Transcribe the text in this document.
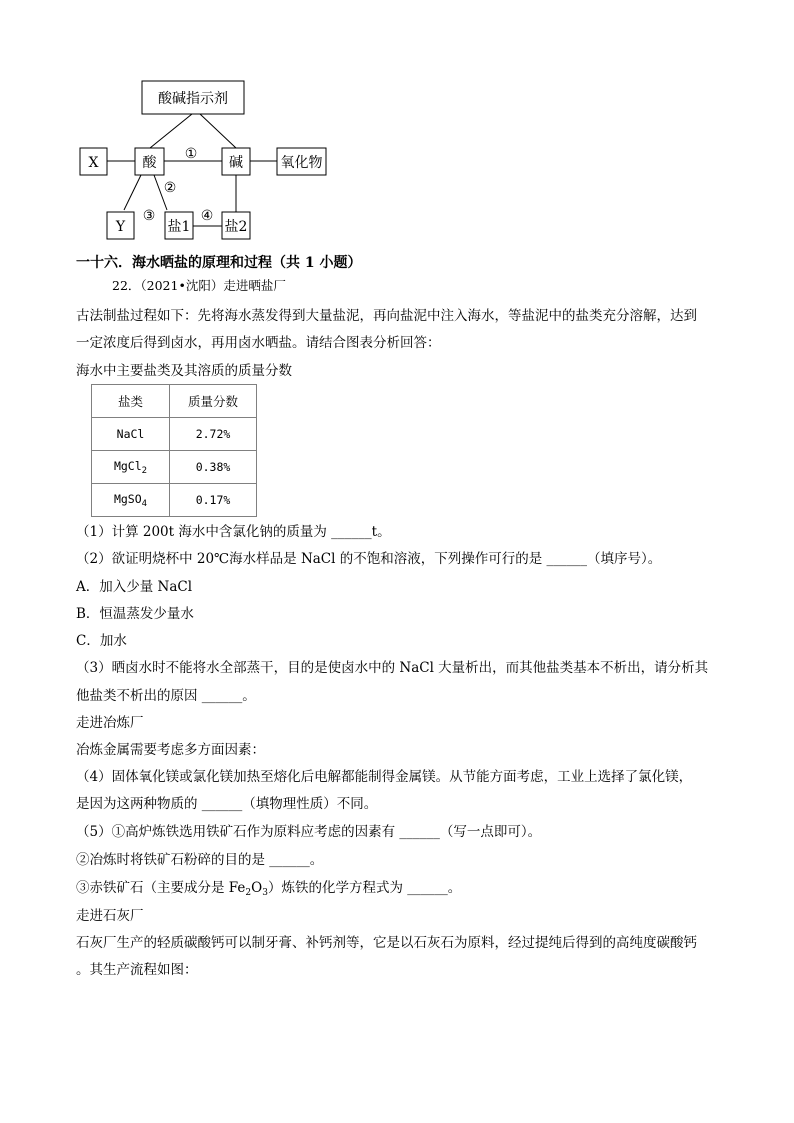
酸碱指示剂
X	酸	碱	氧化物
Y	盐1 盐2
①
②
③	④
一十六．海水晒盐的原理和过程（共 1 小题）
22．（2021•沈阳）走进晒盐厂
古法制盐过程如下：先将海水蒸发得到大量盐泥，再向盐泥中注入海水，等盐泥中的盐类充分溶解，达到
一定浓度后得到卤水，再用卤水晒盐。请结合图表分析回答：
海水中主要盐类及其溶质的质量分数
盐类	质量分数
NaCl	2.72%
MgCl$_2$	0.38%
MgSO$_4$	0.17%
（1）计算 200t 海水中含氯化钠的质量为 ______t。
（2）欲证明烧杯中 20℃海水样品是 NaCl 的不饱和溶液，下列操作可行的是 ______（填序号）。
A．加入少量 NaCl
B．恒温蒸发少量水
C．加水
（3）晒卤水时不能将水全部蒸干，目的是使卤水中的 NaCl 大量析出，而其他盐类基本不析出，请分析其
他盐类不析出的原因 ______。
走进冶炼厂
冶炼金属需要考虑多方面因素：
（4）固体氧化镁或氯化镁加热至熔化后电解都能制得金属镁。从节能方面考虑，工业上选择了氯化镁，
是因为这两种物质的 ______（填物理性质）不同。
（5）①高炉炼铁选用铁矿石作为原料应考虑的因素有 ______（写一点即可）。
②冶炼时将铁矿石粉碎的目的是 ______。
③赤铁矿石（主要成分是 $Fe_2O_3$）炼铁的化学方程式为 ______。
走进石灰厂
石灰厂生产的轻质碳酸钙可以制牙膏、补钙剂等，它是以石灰石为原料，经过提纯后得到的高纯度碳酸钙
。其生产流程如图：
